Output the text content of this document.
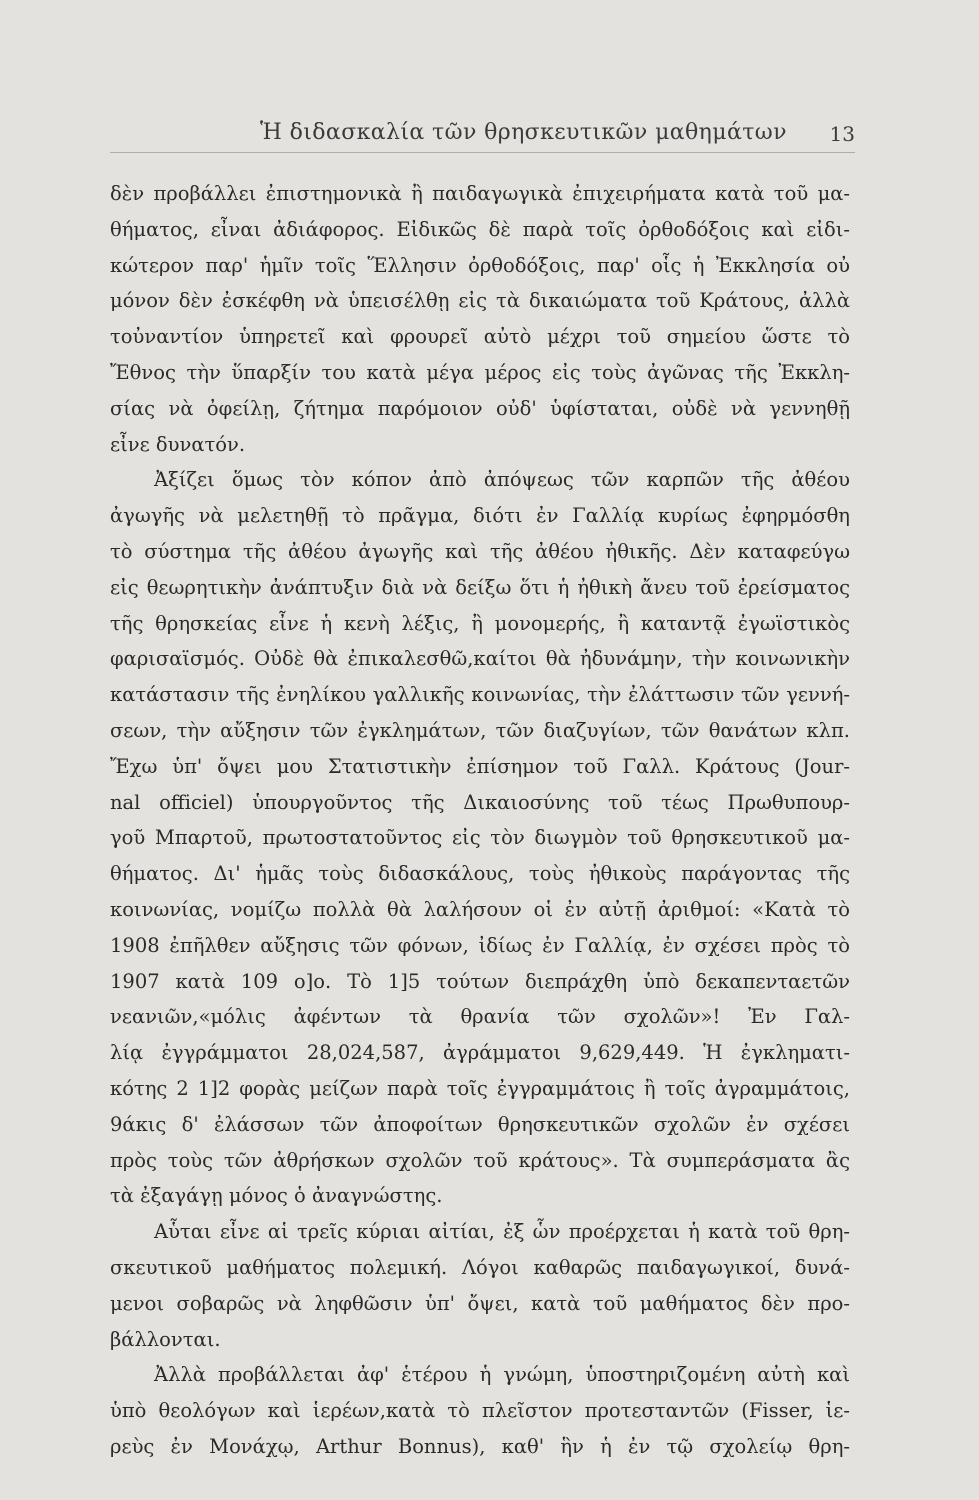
Ἡ διδασκαλία τῶν θρησκευτικῶν μαθημάτων 13
δὲν προβάλλει ἐπιστημονικὰ ἢ παιδαγωγικὰ ἐπιχειρήματα κατὰ τοῦ μα-
θήματος, εἶναι ἀδιάφορος. Εἰδικῶς δὲ παρὰ τοῖς ὀρθοδόξοις καὶ εἰδι-
κώτερον παρ' ἡμῖν τοῖς Ἕλλησιν ὀρθοδόξοις, παρ' οἷς ἡ Ἐκκλησία οὐ
μόνον δὲν ἐσκέφθη νὰ ὑπεισέλθῃ εἰς τὰ δικαιώματα τοῦ Κράτους, ἀλλὰ
τοὐναντίον ὑπηρετεῖ καὶ φρουρεῖ αὐτὸ μέχρι τοῦ σημείου ὥστε τὸ
Ἔθνος τὴν ὕπαρξίν του κατὰ μέγα μέρος εἰς τοὺς ἀγῶνας τῆς Ἐκκλη-
σίας νὰ ὀφείλῃ, ζήτημα παρόμοιον οὐδ' ὑφίσταται, οὐδὲ νὰ γεννηθῇ
εἶνε δυνατόν.
Ἀξίζει ὅμως τὸν κόπον ἀπὸ ἀπόψεως τῶν καρπῶν τῆς ἀθέου
ἀγωγῆς νὰ μελετηθῇ τὸ πρᾶγμα, διότι ἐν Γαλλίᾳ κυρίως ἐφηρμόσθη
τὸ σύστημα τῆς ἀθέου ἀγωγῆς καὶ τῆς ἀθέου ἠθικῆς. Δὲν καταφεύγω
εἰς θεωρητικὴν ἀνάπτυξιν διὰ νὰ δείξω ὅτι ἡ ἠθικὴ ἄνευ τοῦ ἐρείσματος
τῆς θρησκείας εἶνε ἡ κενὴ λέξις, ἢ μονομερής, ἢ καταντᾷ ἐγωϊστικὸς
φαρισαϊσμός. Οὐδὲ θὰ ἐπικαλεσθῶ,καίτοι θὰ ἠδυνάμην, τὴν κοινωνικὴν
κατάστασιν τῆς ἐνηλίκου γαλλικῆς κοινωνίας, τὴν ἐλάττωσιν τῶν γεννή-
σεων, τὴν αὔξησιν τῶν ἐγκλημάτων, τῶν διαζυγίων, τῶν θανάτων κλπ.
Ἔχω ὑπ' ὄψει μου Στατιστικὴν ἐπίσημον τοῦ Γαλλ. Κράτους (Jour-
nal officiel) ὑπουργοῦντος τῆς Δικαιοσύνης τοῦ τέως Πρωθυπουρ-
γοῦ Μπαρτοῦ, πρωτοστατοῦντος εἰς τὸν διωγμὸν τοῦ θρησκευτικοῦ μα-
θήματος. Δι' ἡμᾶς τοὺς διδασκάλους, τοὺς ἠθικοὺς παράγοντας τῆς
κοινωνίας, νομίζω πολλὰ θὰ λαλήσουν οἱ ἐν αὐτῇ ἀριθμοί: «Κατὰ τὸ
1908 ἐπῆλθεν αὔξησις τῶν φόνων, ἰδίως ἐν Γαλλίᾳ, ἐν σχέσει πρὸς τὸ
1907 κατὰ 109 ο]ο. Τὸ 1]5 τούτων διεπράχθη ὑπὸ δεκαπενταετῶν
νεανιῶν,«μόλις ἀφέντων τὰ θρανία τῶν σχολῶν»! Ἐν Γαλ-
λίᾳ ἐγγράμματοι 28,024,587, ἀγράμματοι 9,629,449. Ἡ ἐγκληματι-
κότης 2 1]2 φορὰς μείζων παρὰ τοῖς ἐγγραμμάτοις ἢ τοῖς ἀγραμμάτοις,
9άκις δ' ἐλάσσων τῶν ἀποφοίτων θρησκευτικῶν σχολῶν ἐν σχέσει
πρὸς τοὺς τῶν ἀθρήσκων σχολῶν τοῦ κράτους». Τὰ συμπεράσματα ἂς
τὰ ἐξαγάγῃ μόνος ὁ ἀναγνώστης.
Αὗται εἶνε αἱ τρεῖς κύριαι αἰτίαι, ἐξ ὧν προέρχεται ἡ κατὰ τοῦ θρη-
σκευτικοῦ μαθήματος πολεμική. Λόγοι καθαρῶς παιδαγωγικοί, δυνά-
μενοι σοβαρῶς νὰ ληφθῶσιν ὑπ' ὄψει, κατὰ τοῦ μαθήματος δὲν προ-
βάλλονται.
Ἀλλὰ προβάλλεται ἀφ' ἑτέρου ἡ γνώμη, ὑποστηριζομένη αὐτὴ καὶ
ὑπὸ θεολόγων καὶ ἱερέων,κατὰ τὸ πλεῖστον προτεσταντῶν (Fisser, ἱε-
ρεὺς ἐν Μονάχῳ, Arthur Bonnus), καθ' ἣν ἡ ἐν τῷ σχολείῳ θρη-
